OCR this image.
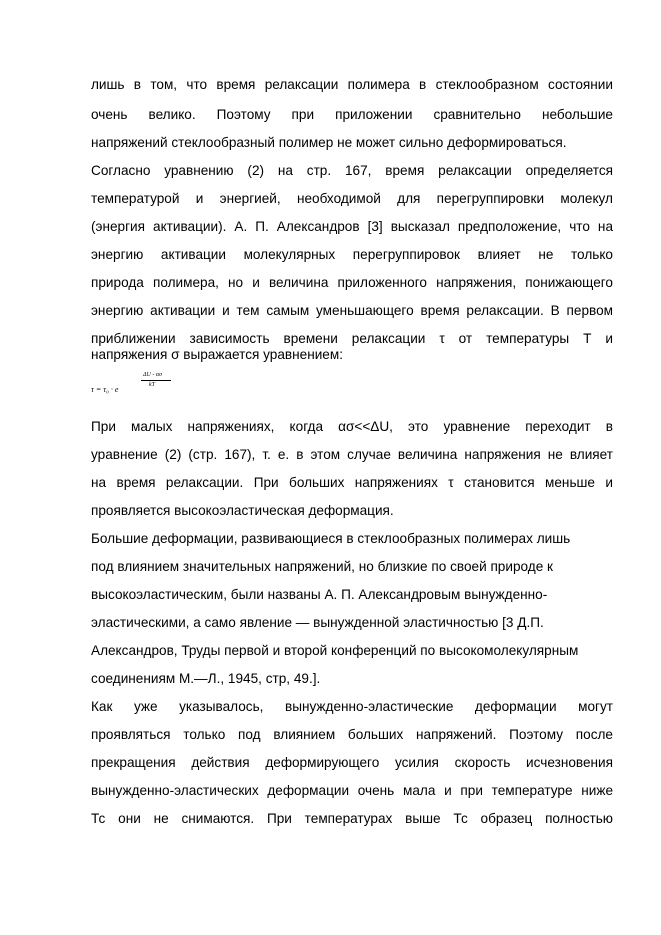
лишь в том, что время релаксации полимера в стеклообразном состоянии
очень велико. Поэтому при приложении сравнительно небольшие
напряжений стеклообразный полимер не может сильно деформироваться.
Согласно уравнению (2) на стр. 167, время релаксации определяется
температурой и энергией, необходимой для перегруппировки молекул
(энергия активации). А. П. Александров [3] высказал предположение, что на
энергию активации молекулярных перегруппировок влияет не только
природа полимера, но и величина приложенного напряжения, понижающего
энергию активации и тем самым уменьшающего время релаксации. В первом
приближении зависимость времени релаксации τ от температуры Т и
напряжения σ выражается уравнением:
τ = τ₀ · e
ΔU - ασ
kT
При малых напряжениях, когда ασ<<ΔU, это уравнение переходит в
уравнение (2) (стр. 167), т. е. в этом случае величина напряжения не влияет
на время релаксации. При больших напряжениях τ становится меньше и
проявляется высокоэластическая деформация.
Большие деформации, развивающиеся в стеклообразных полимерах лишь
под влиянием значительных напряжений, но близкие по своей природе к
высокоэластическим, были названы А. П. Александровым вынужденно-
эластическими, а само явление — вынужденной эластичностью [3 Д.П.
Александров, Труды первой и второй конференций по высокомолекулярным
соединениям М.—Л., 1945, стр, 49.].
Как уже указывалось, вынужденно-эластические деформации могут
проявляться только под влиянием больших напряжений. Поэтому после
прекращения действия деформирующего усилия скорость исчезновения
вынужденно-эластических деформации очень мала и при температуре ниже
Тс они не снимаются. При температурах выше Тс образец полностью
